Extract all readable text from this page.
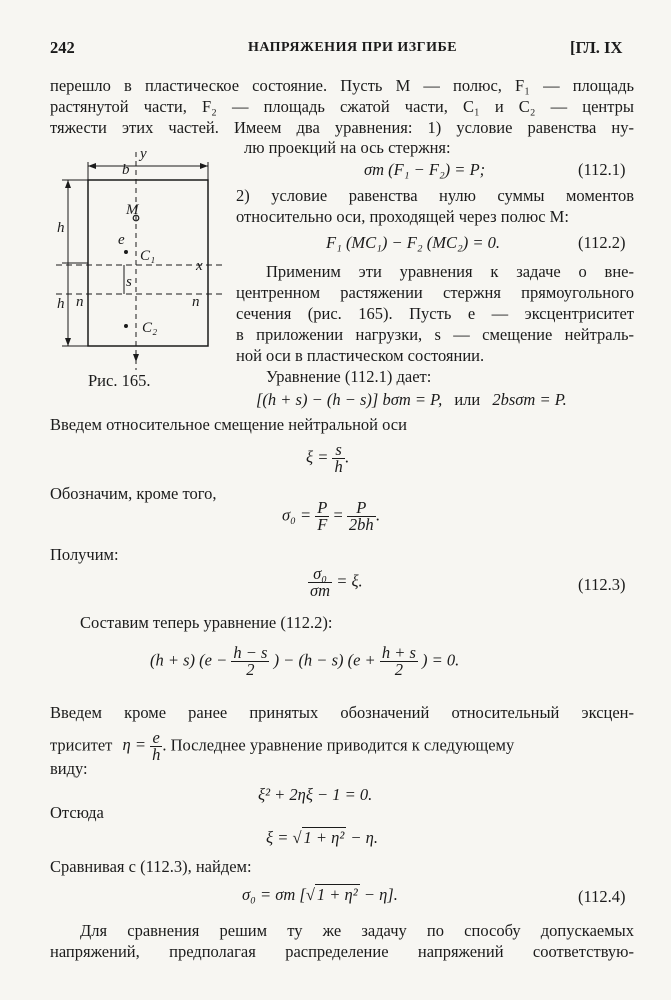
242	НАПРЯЖЕНИЯ ПРИ ИЗГИБЕ	[ГЛ. IX
перешло в пластическое состояние. Пусть M — полюс, F₁ — площадь
растянутой части, F₂ — площадь сжатой части, C₁ и C₂ — центры
тяжести этих частей. Имеем два уравнения: 1) условие равенства ну-
лю проекций на ось стержня:
b
y
h
h
M
e
C₁
s
x
n	n
C₂
Рис. 165.
σт (F₁ − F₂) = P;	(112.1)
2) условие равенства нулю суммы моментов
относительно оси, проходящей через полюс M:
F₁ (MC₁) − F₂ (MC₂) = 0.	(112.2)
Применим эти уравнения к задаче о вне-
центренном растяжении стержня прямоугольного
сечения (рис. 165). Пусть e — эксцентриситет
в приложении нагрузки, s — смещение нейтраль-
ной оси в пластическом состоянии.
Уравнение (112.1) дает:
[(h + s) − (h − s)] bσт = P, или 2bsσт = P.
Введем относительное смещение нейтральной оси
$\xi = \frac{s}{h}$ .
Обозначим, кроме того,
$\sigma_0 = \frac{P}{F} = \frac{P}{2bh}$ .
Получим:
$\frac{\text{σ₀}}{\sigma т} = \xi$.	(112.3)
Составим теперь уравнение (112.2):
(h + s) ($e - \frac{h - s}{2}$ ) − (h − s) ($e + \frac{h + s}{2}$ ) = 0.
Введем кроме ранее принятых обозначений относительный эксцен-
триситет $\eta = \frac{e}{h}$ . Последнее уравнение приводится к следующему
виду:
ξ² + 2ηξ − 1 = 0.
Отсюда
ξ = √ 1 + η² − η.
Сравнивая с (112.3), найдем:
σ₀ = σт [√ 1 + η² − η].	(112.4)
Для сравнения решим ту же задачу по способу допускаемых
напряжений, предполагая распределение напряжений соответствую-
